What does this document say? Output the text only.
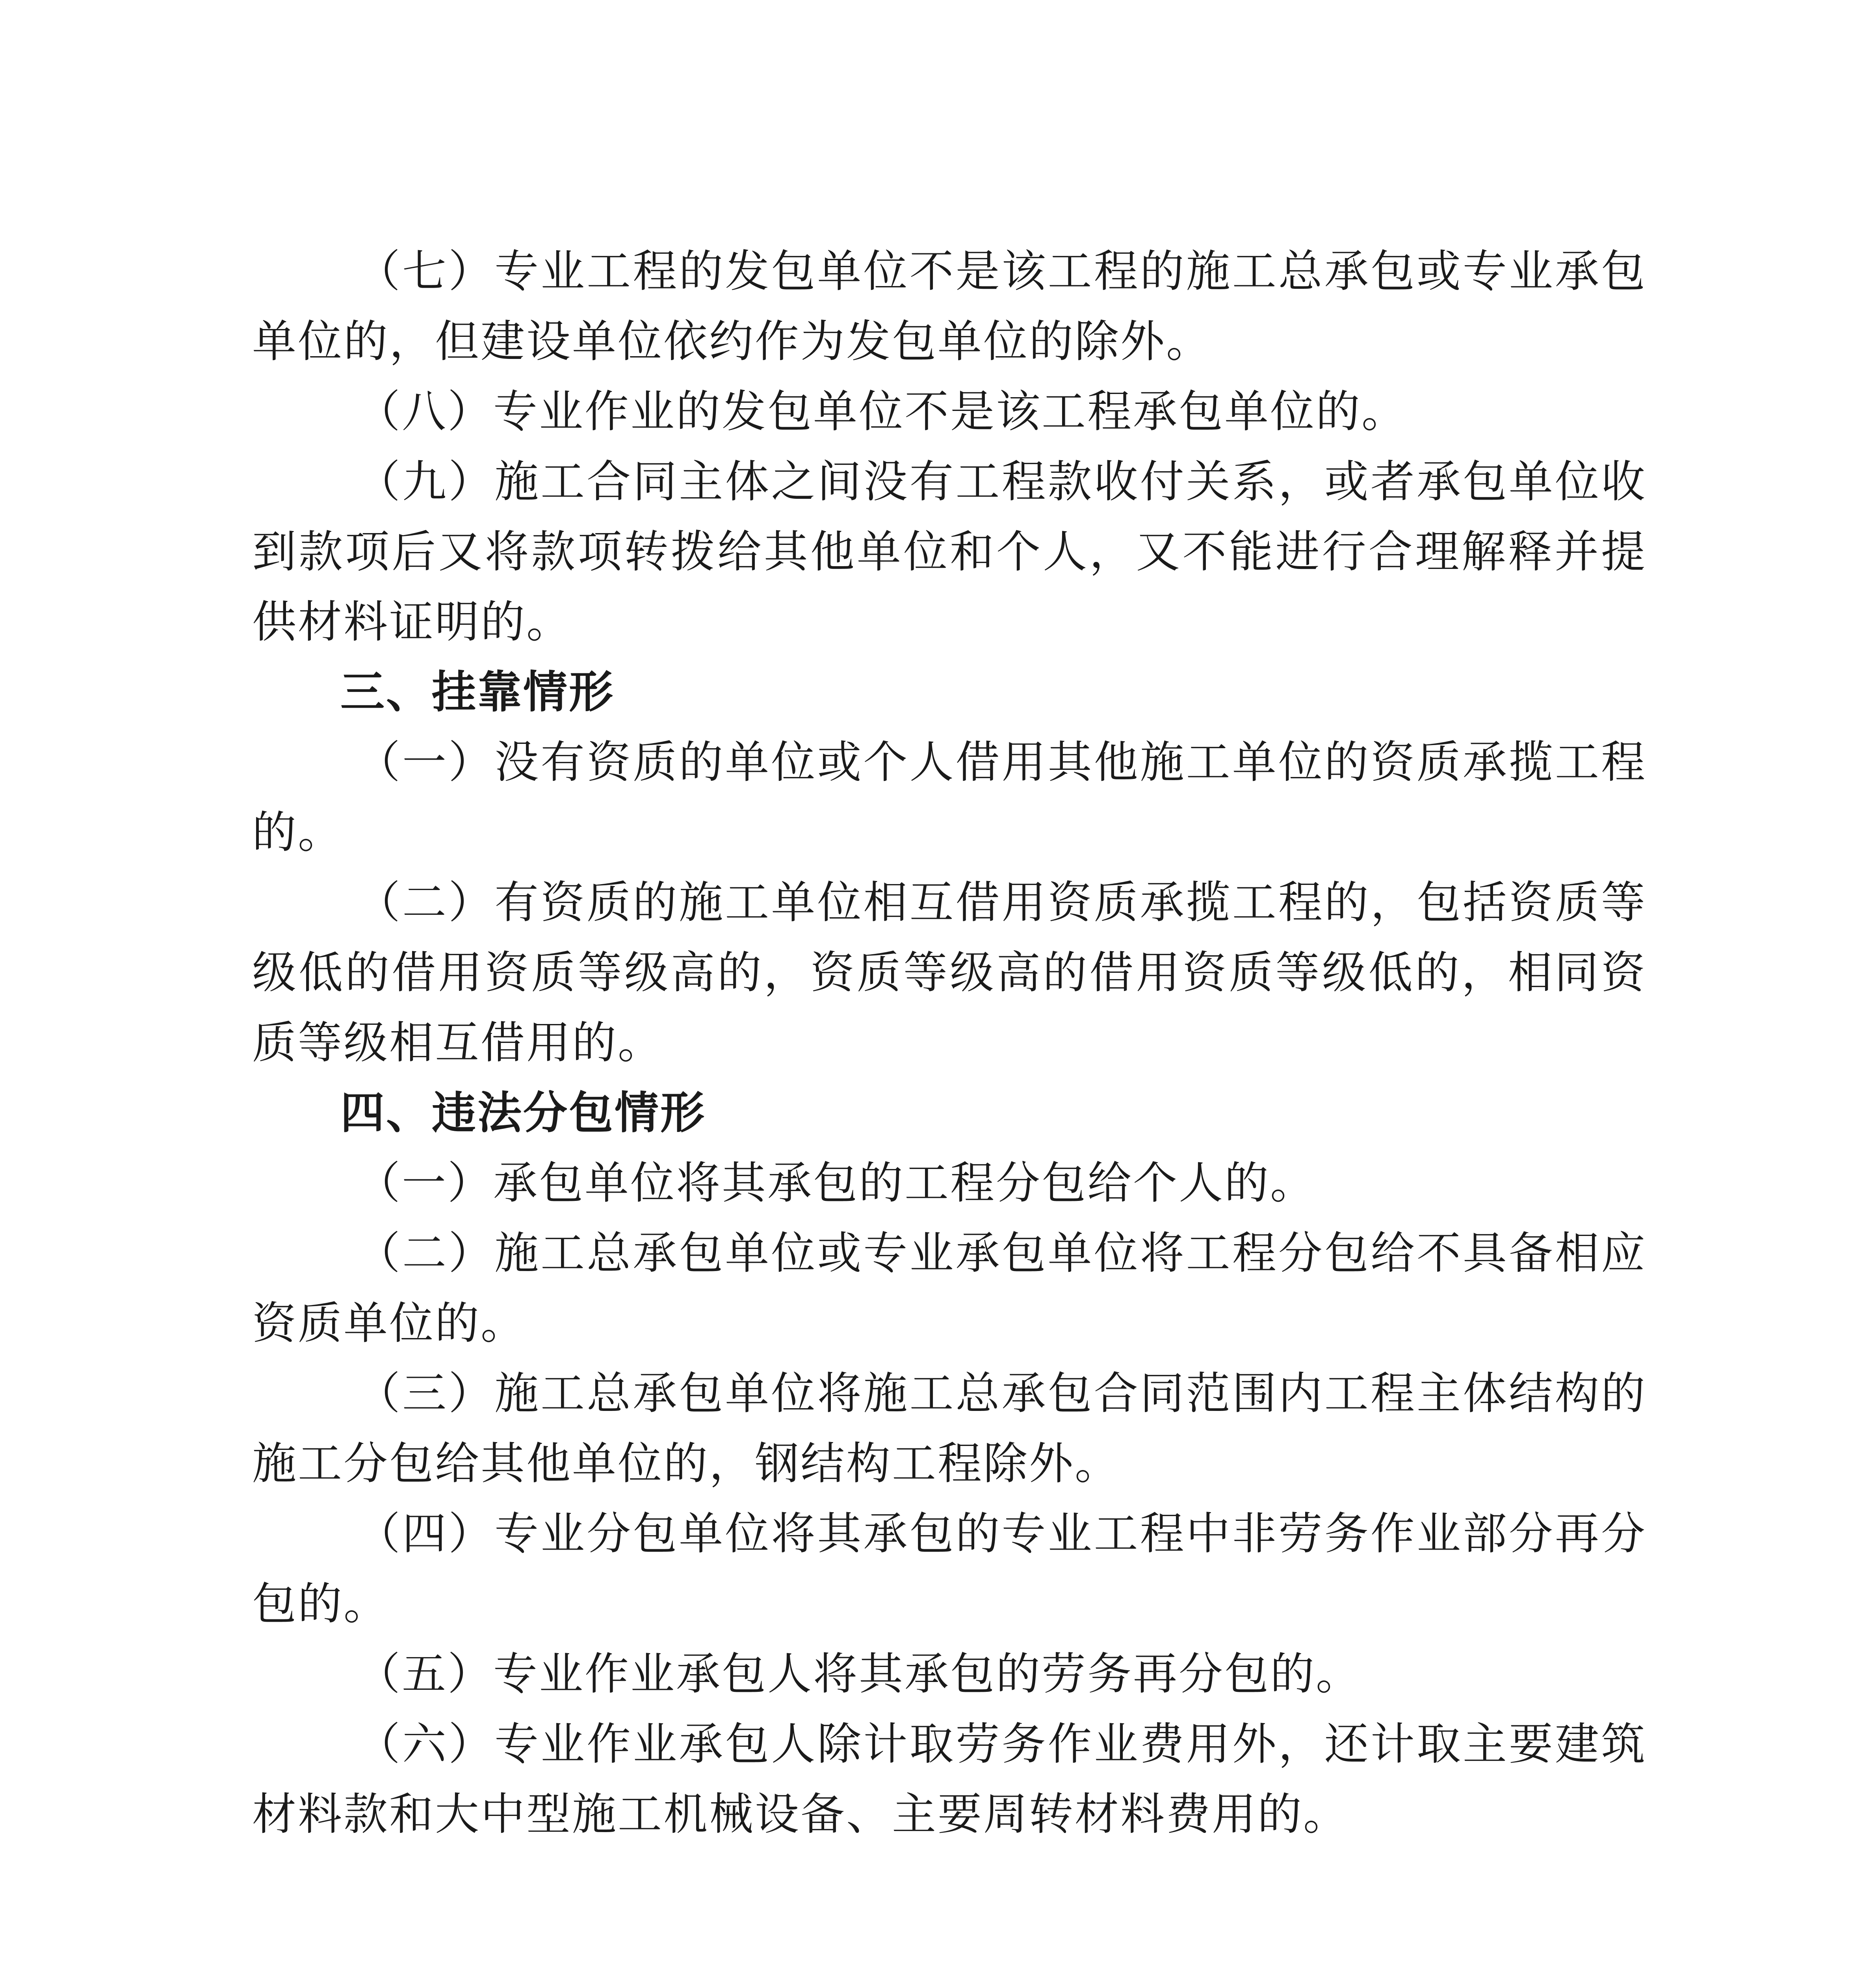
（七）专业工程的发包单位不是该工程的施工总承包或专业承包单位的，但建设单位依约作为发包单位的除外。

（八）专业作业的发包单位不是该工程承包单位的。

（九）施工合同主体之间没有工程款收付关系，或者承包单位收到款项后又将款项转拨给其他单位和个人，又不能进行合理解释并提供材料证明的。

三、挂靠情形

（一）没有资质的单位或个人借用其他施工单位的资质承揽工程的。

（二）有资质的施工单位相互借用资质承揽工程的，包括资质等级低的借用资质等级高的，资质等级高的借用资质等级低的，相同资质等级相互借用的。

四、违法分包情形

（一）承包单位将其承包的工程分包给个人的。

（二）施工总承包单位或专业承包单位将工程分包给不具备相应资质单位的。

（三）施工总承包单位将施工总承包合同范围内工程主体结构的施工分包给其他单位的，钢结构工程除外。

（四）专业分包单位将其承包的专业工程中非劳务作业部分再分包的。

（五）专业作业承包人将其承包的劳务再分包的。

（六）专业作业承包人除计取劳务作业费用外，还计取主要建筑材料款和大中型施工机械设备、主要周转材料费用的。
